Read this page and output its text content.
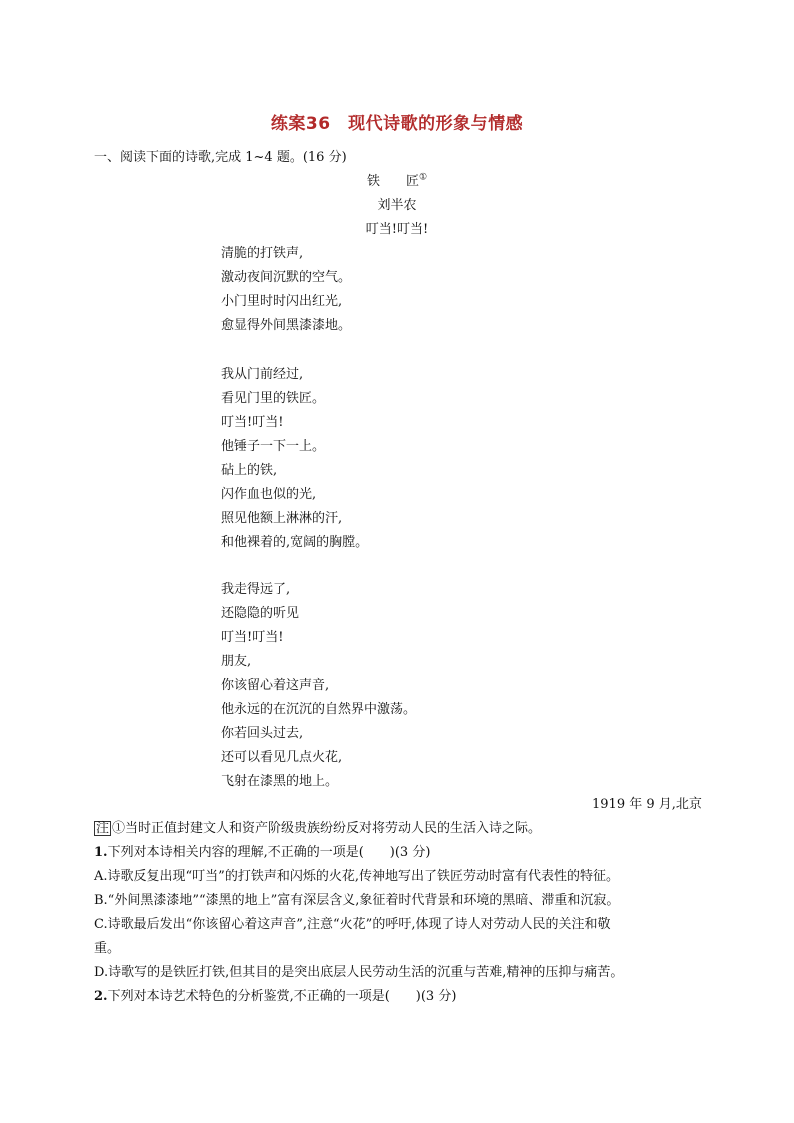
练案36　现代诗歌的形象与情感
一、阅读下面的诗歌,完成 1~4 题。(16 分)
铁　　匠①
刘半农
叮当!叮当!
清脆的打铁声,
激动夜间沉默的空气。
小门里时时闪出红光,
愈显得外间黑漆漆地。
我从门前经过,
看见门里的铁匠。
叮当!叮当!
他锤子一下一上。
砧上的铁,
闪作血也似的光,
照见他额上淋淋的汗,
和他裸着的,宽阔的胸膛。
我走得远了,
还隐隐的听见
叮当!叮当!
朋友,
你该留心着这声音,
他永远的在沉沉的自然界中激荡。
你若回头过去,
还可以看见几点火花,
飞射在漆黑的地上。
1919 年 9 月,北京
注 ①当时正值封建文人和资产阶级贵族纷纷反对将劳动人民的生活入诗之际。
1.下列对本诗相关内容的理解,不正确的一项是(　　)(3 分)
A.诗歌反复出现“叮当”的打铁声和闪烁的火花,传神地写出了铁匠劳动时富有代表性的特征。
B.“外间黑漆漆地”“漆黑的地上”富有深层含义,象征着时代背景和环境的黑暗、滞重和沉寂。
C.诗歌最后发出“你该留心着这声音”,注意“火花”的呼吁,体现了诗人对劳动人民的关注和敬
重。
D.诗歌写的是铁匠打铁,但其目的是突出底层人民劳动生活的沉重与苦难,精神的压抑与痛苦。
2.下列对本诗艺术特色的分析鉴赏,不正确的一项是(　　)(3 分)
